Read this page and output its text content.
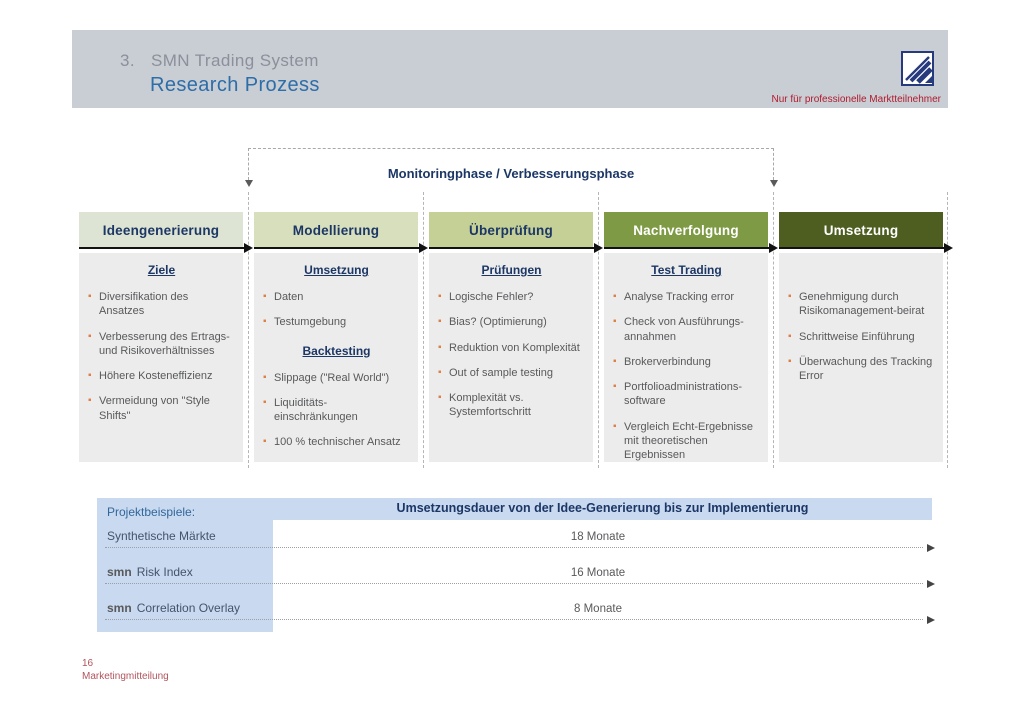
3. SMN Trading System
Research Prozess
Nur für professionelle Marktteilnehmer
Monitoringphase / Verbesserungsphase
Ideengenerierung
Ziele
▪ Diversifikation des Ansatzes
▪ Verbesserung des Ertrags- und Risikoverhältnisses
▪ Höhere Kosteneffizienz
▪ Vermeidung von "Style Shifts"
Modellierung
Umsetzung
▪ Daten
▪ Testumgebung
Backtesting
▪ Slippage ("Real World")
▪ Liquiditäts-einschränkungen
▪ 100 % technischer Ansatz
Überprüfung
Prüfungen
▪ Logische Fehler?
▪ Bias? (Optimierung)
▪ Reduktion von Komplexität
▪ Out of sample testing
▪ Komplexität vs. Systemfortschritt
Nachverfolgung
Test Trading
▪ Analyse Tracking error
▪ Check von Ausführungs-annahmen
▪ Brokerverbindung
▪ Portfolioadministrations-software
▪ Vergleich Echt-Ergebnisse mit theoretischen Ergebnissen
Umsetzung
▪ Genehmigung durch Risikomanagement-beirat
▪ Schrittweise Einführung
▪ Überwachung des Tracking Error
Projektbeispiele:	Umsetzungsdauer von der Idee-Generierung bis zur Implementierung
Synthetische Märkte	18 Monate
smn Risk Index	16 Monate
smn Correlation Overlay	8 Monate
16
Marketingmitteilung
